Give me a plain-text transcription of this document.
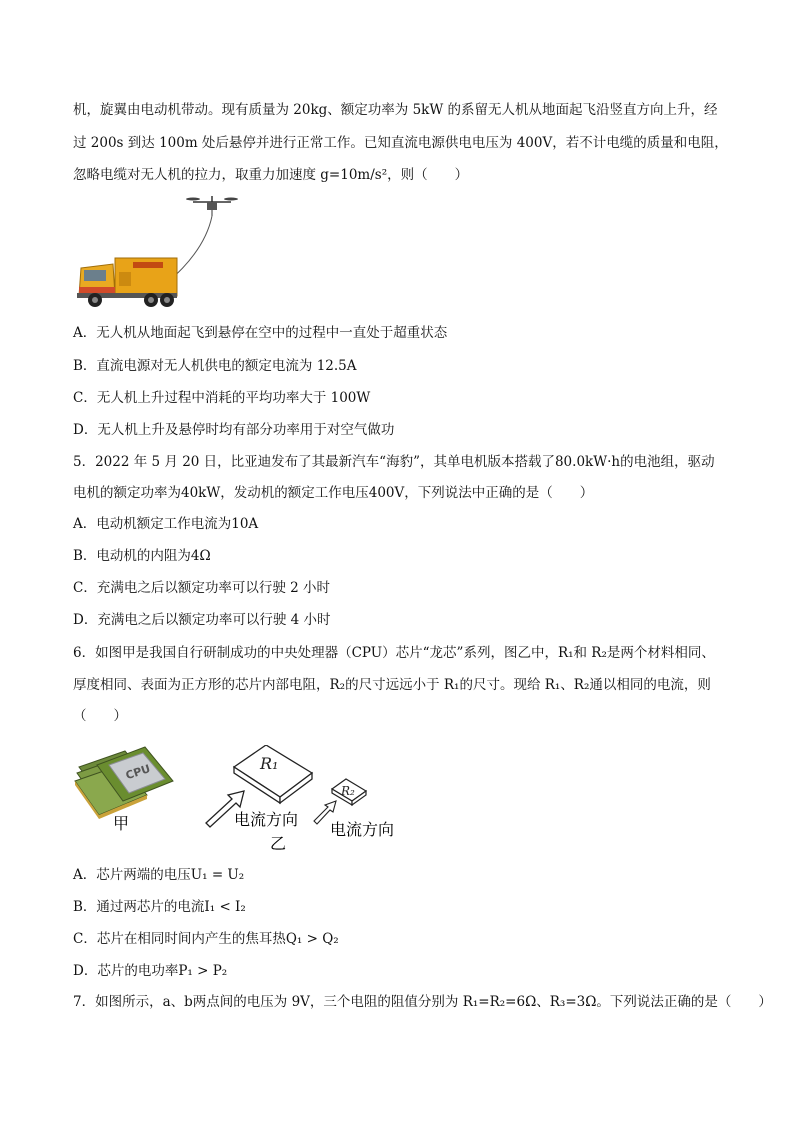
机，旋翼由电动机带动。现有质量为 20kg、额定功率为 5kW 的系留无人机从地面起飞沿竖直方向上升，经
过 200s 到达 100m 处后悬停并进行正常工作。已知直流电源供电电压为 400V，若不计电缆的质量和电阻，
忽略电缆对无人机的拉力，取重力加速度 g=10m/s²，则（　　）
A．无人机从地面起飞到悬停在空中的过程中一直处于超重状态
B．直流电源对无人机供电的额定电流为 12.5A
C．无人机上升过程中消耗的平均功率大于 100W
D．无人机上升及悬停时均有部分功率用于对空气做功
5．2022 年 5 月 20 日，比亚迪发布了其最新汽车“海豹”，其单电机版本搭载了80.0kW·h的电池组，驱动
电机的额定功率为40kW，发动机的额定工作电压400V，下列说法中正确的是（　　）
A．电动机额定工作电流为10A
B．电动机的内阻为4Ω
C．充满电之后以额定功率可以行驶 2 小时
D．充满电之后以额定功率可以行驶 4 小时
6．如图甲是我国自行研制成功的中央处理器（CPU）芯片“龙芯”系列，图乙中，R₁和 R₂是两个材料相同、
厚度相同、表面为正方形的芯片内部电阻，R₂的尺寸远远小于 R₁的尺寸。现给 R₁、R₂通以相同的电流，则
（　　）
CPU
甲
R₁
电流方向
乙
R₂
电流方向
A．芯片两端的电压U₁ = U₂
B．通过两芯片的电流I₁ < I₂
C．芯片在相同时间内产生的焦耳热Q₁ > Q₂
D．芯片的电功率P₁ > P₂
7．如图所示，a、b两点间的电压为 9V，三个电阻的阻值分别为 R₁=R₂=6Ω、R₃=3Ω。下列说法正确的是（　　）
